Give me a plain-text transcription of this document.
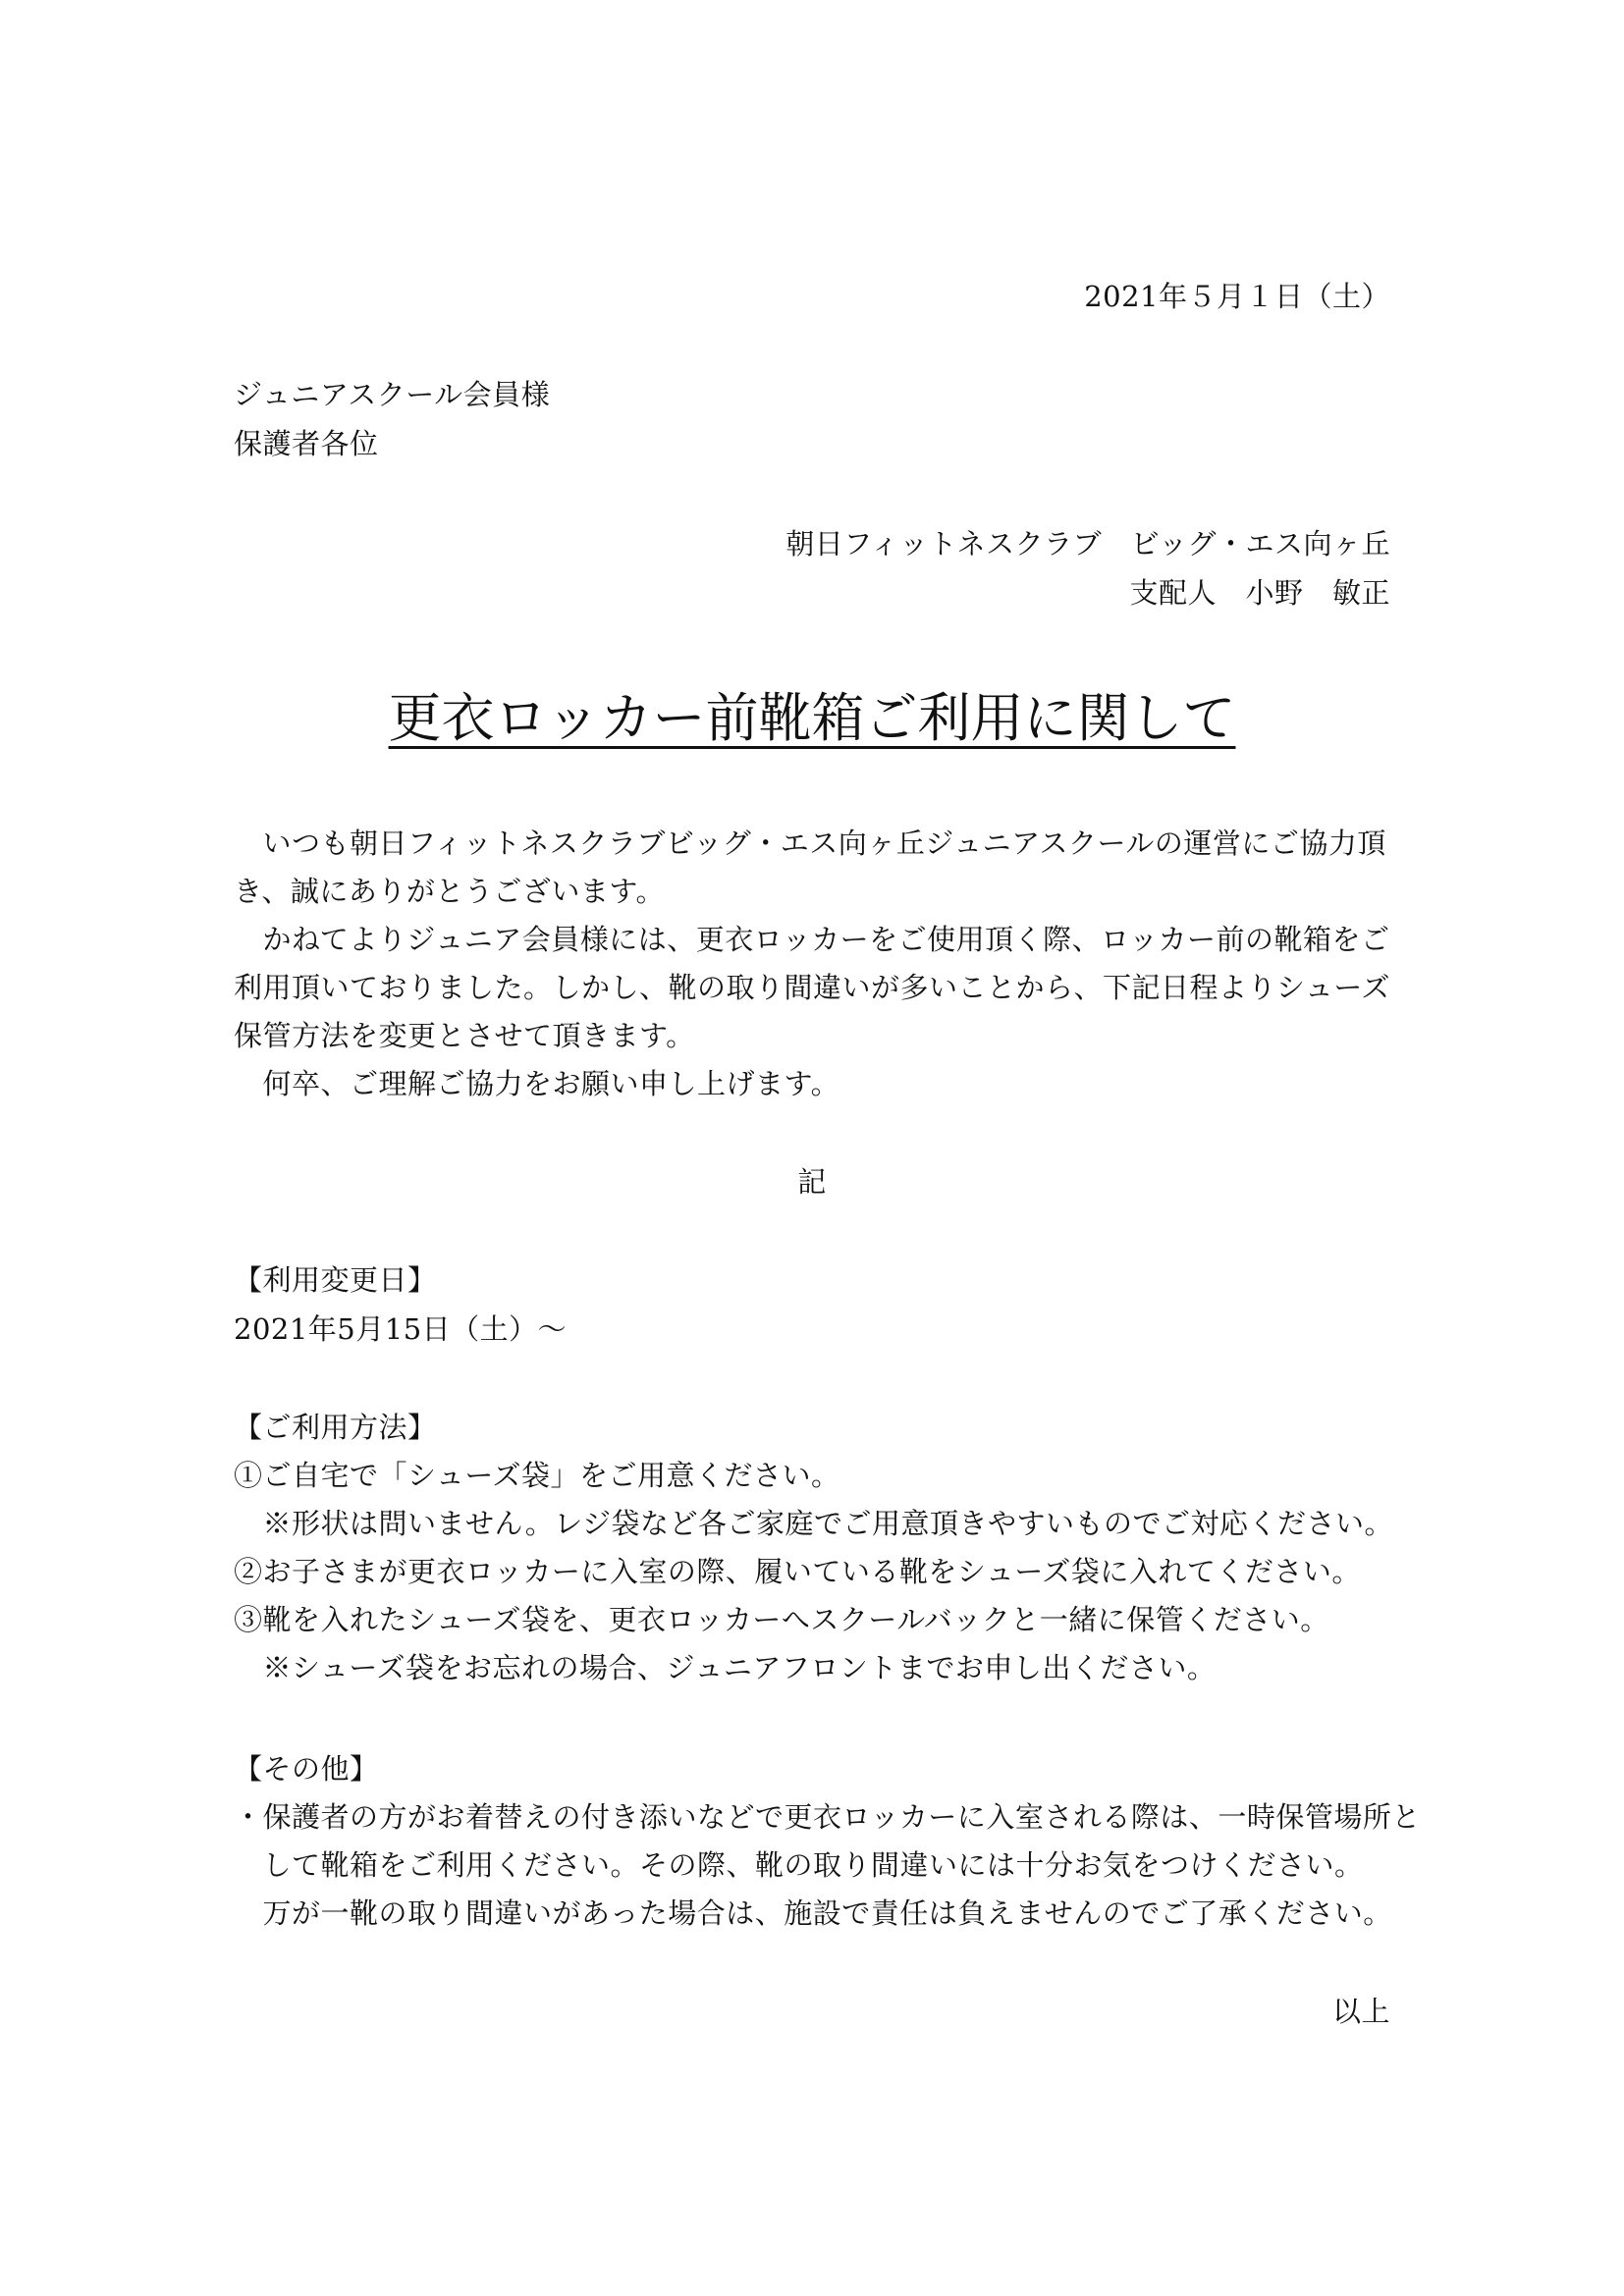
2021年５月１日（土）
ジュニアスクール会員様
保護者各位
朝日フィットネスクラブ　ビッグ・エス向ヶ丘
支配人　小野　敏正
更衣ロッカー前靴箱ご利用に関して
　いつも朝日フィットネスクラブビッグ・エス向ヶ丘ジュニアスクールの運営にご協力頂
き、誠にありがとうございます。
　かねてよりジュニア会員様には、更衣ロッカーをご使用頂く際、ロッカー前の靴箱をご
利用頂いておりました。しかし、靴の取り間違いが多いことから、下記日程よりシューズ
保管方法を変更とさせて頂きます。
　何卒、ご理解ご協力をお願い申し上げます。
記
【利用変更日】
2021年5月15日（土）～
【ご利用方法】
①ご自宅で「シューズ袋」をご用意ください。
　※形状は問いません。レジ袋など各ご家庭でご用意頂きやすいものでご対応ください。
②お子さまが更衣ロッカーに入室の際、履いている靴をシューズ袋に入れてください。
③靴を入れたシューズ袋を、更衣ロッカーへスクールバックと一緒に保管ください。
　※シューズ袋をお忘れの場合、ジュニアフロントまでお申し出ください。
【その他】
・保護者の方がお着替えの付き添いなどで更衣ロッカーに入室される際は、一時保管場所と
　して靴箱をご利用ください。その際、靴の取り間違いには十分お気をつけください。
　万が一靴の取り間違いがあった場合は、施設で責任は負えませんのでご了承ください。
以上
